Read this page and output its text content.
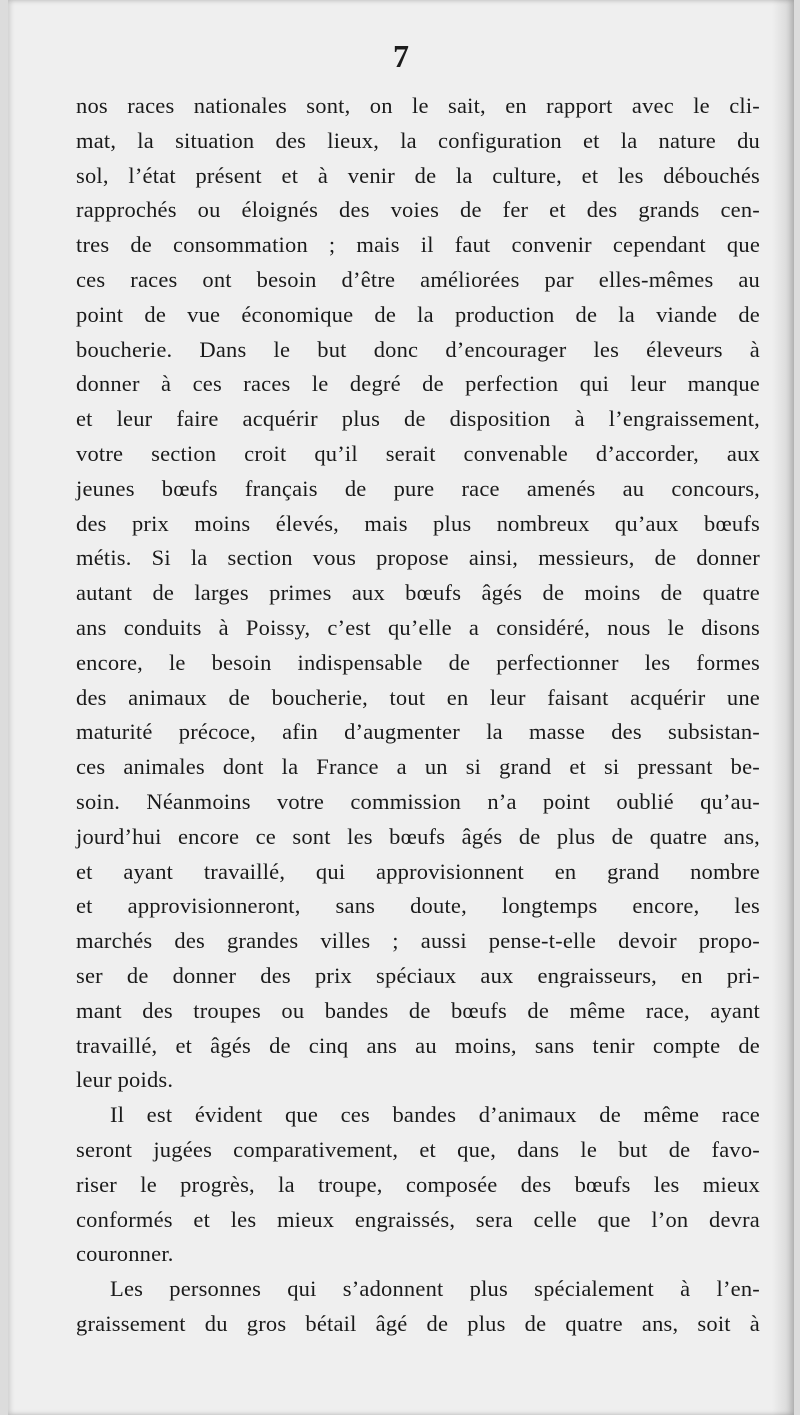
7
nos races nationales sont, on le sait, en rapport avec le cli-
mat, la situation des lieux, la configuration et la nature du
sol, l’état présent et à venir de la culture, et les débouchés
rapprochés ou éloignés des voies de fer et des grands cen-
tres de consommation ; mais il faut convenir cependant que
ces races ont besoin d’être améliorées par elles-mêmes au
point de vue économique de la production de la viande de
boucherie. Dans le but donc d’encourager les éleveurs à
donner à ces races le degré de perfection qui leur manque
et leur faire acquérir plus de disposition à l’engraissement,
votre section croit qu’il serait convenable d’accorder, aux
jeunes bœufs français de pure race amenés au concours,
des prix moins élevés, mais plus nombreux qu’aux bœufs
métis. Si la section vous propose ainsi, messieurs, de donner
autant de larges primes aux bœufs âgés de moins de quatre
ans conduits à Poissy, c’est qu’elle a considéré, nous le disons
encore, le besoin indispensable de perfectionner les formes
des animaux de boucherie, tout en leur faisant acquérir une
maturité précoce, afin d’augmenter la masse des subsistan-
ces animales dont la France a un si grand et si pressant be-
soin. Néanmoins votre commission n’a point oublié qu’au-
jourd’hui encore ce sont les bœufs âgés de plus de quatre ans,
et ayant travaillé, qui approvisionnent en grand nombre
et approvisionneront, sans doute, longtemps encore, les
marchés des grandes villes ; aussi pense-t-elle devoir propo-
ser de donner des prix spéciaux aux engraisseurs, en pri-
mant des troupes ou bandes de bœufs de même race, ayant
travaillé, et âgés de cinq ans au moins, sans tenir compte de
leur poids.
Il est évident que ces bandes d’animaux de même race
seront jugées comparativement, et que, dans le but de favo-
riser le progrès, la troupe, composée des bœufs les mieux
conformés et les mieux engraissés, sera celle que l’on devra
couronner.
Les personnes qui s’adonnent plus spécialement à l’en-
graissement du gros bétail âgé de plus de quatre ans, soit à
